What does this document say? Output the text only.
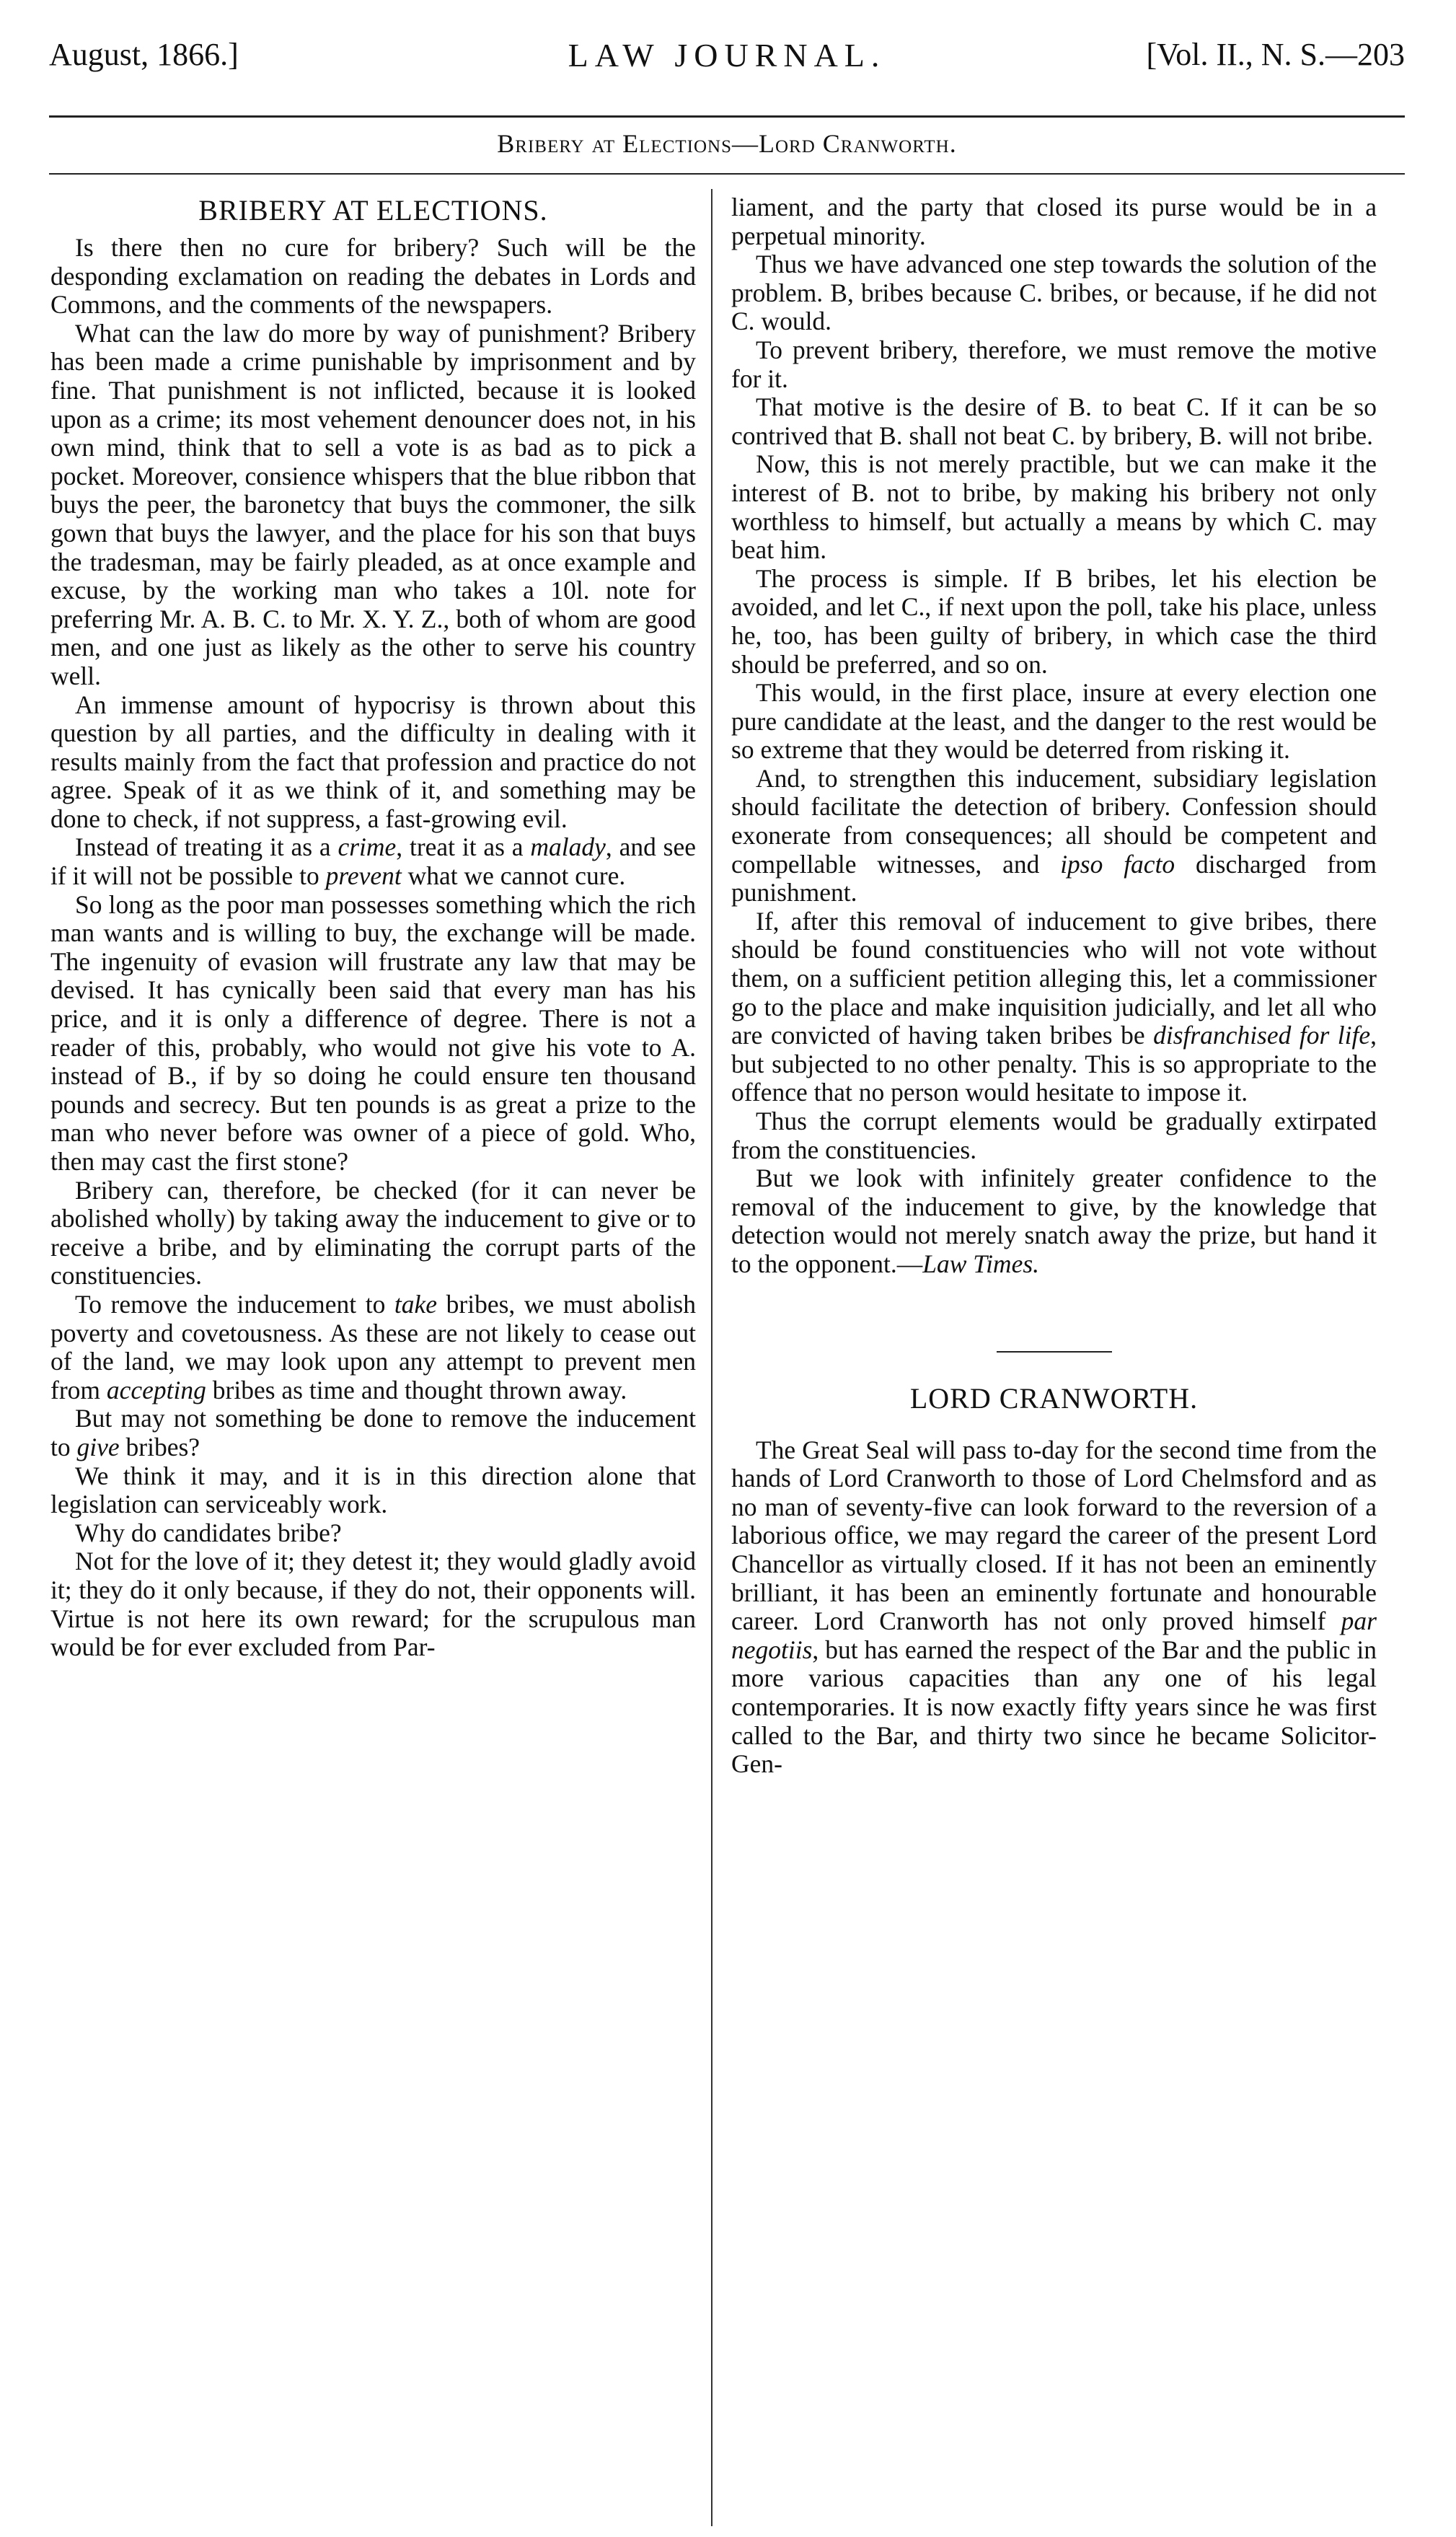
August, 1866.]	LAW JOURNAL.	[Vol. II., N. S.—203
Bribery at Elections—Lord Cranworth.
BRIBERY AT ELECTIONS.

Is there then no cure for bribery? Such will be the desponding exclamation on reading the debates in Lords and Commons, and the comments of the newspapers.

What can the law do more by way of punishment? Bribery has been made a crime punishable by imprisonment and by fine. That punishment is not inflicted, because it is looked upon as a crime; its most vehement denouncer does not, in his own mind, think that to sell a vote is as bad as to pick a pocket. Moreover, consience whispers that the blue ribbon that buys the peer, the baronetcy that buys the commoner, the silk gown that buys the lawyer, and the place for his son that buys the tradesman, may be fairly pleaded, as at once example and excuse, by the working man who takes a 10l. note for preferring Mr. A. B. C. to Mr. X. Y. Z., both of whom are good men, and one just as likely as the other to serve his country well.

An immense amount of hypocrisy is thrown about this question by all parties, and the difficulty in dealing with it results mainly from the fact that profession and practice do not agree. Speak of it as we think of it, and something may be done to check, if not suppress, a fast-growing evil.

Instead of treating it as a crime, treat it as a malady, and see if it will not be possible to prevent what we cannot cure.

So long as the poor man possesses something which the rich man wants and is willing to buy, the exchange will be made. The ingenuity of evasion will frustrate any law that may be devised. It has cynically been said that every man has his price, and it is only a difference of degree. There is not a reader of this, probably, who would not give his vote to A. instead of B., if by so doing he could ensure ten thousand pounds and secrecy. But ten pounds is as great a prize to the man who never before was owner of a piece of gold. Who, then may cast the first stone?

Bribery can, therefore, be checked (for it can never be abolished wholly) by taking away the inducement to give or to receive a bribe, and by eliminating the corrupt parts of the constituencies.

To remove the inducement to take bribes, we must abolish poverty and covetousness. As these are not likely to cease out of the land, we may look upon any attempt to prevent men from accepting bribes as time and thought thrown away.

But may not something be done to remove the inducement to give bribes?

We think it may, and it is in this direction alone that legislation can serviceably work.

Why do candidates bribe?

Not for the love of it; they detest it; they would gladly avoid it; they do it only because, if they do not, their opponents will. Virtue is not here its own reward; for the scrupulous man would be for ever excluded from Par-

liament, and the party that closed its purse would be in a perpetual minority.

Thus we have advanced one step towards the solution of the problem. B, bribes because C. bribes, or because, if he did not C. would.

To prevent bribery, therefore, we must remove the motive for it.

That motive is the desire of B. to beat C. If it can be so contrived that B. shall not beat C. by bribery, B. will not bribe.

Now, this is not merely practible, but we can make it the interest of B. not to bribe, by making his bribery not only worthless to himself, but actually a means by which C. may beat him.

The process is simple. If B bribes, let his election be avoided, and let C., if next upon the poll, take his place, unless he, too, has been guilty of bribery, in which case the third should be preferred, and so on.

This would, in the first place, insure at every election one pure candidate at the least, and the danger to the rest would be so extreme that they would be deterred from risking it.

And, to strengthen this inducement, subsidiary legislation should facilitate the detection of bribery. Confession should exonerate from consequences; all should be competent and compellable witnesses, and ipso facto discharged from punishment.

If, after this removal of inducement to give bribes, there should be found constituencies who will not vote without them, on a sufficient petition alleging this, let a commissioner go to the place and make inquisition judicially, and let all who are convicted of having taken bribes be disfranchised for life, but subjected to no other penalty. This is so appropriate to the offence that no person would hesitate to impose it.

Thus the corrupt elements would be gradually extirpated from the constituencies.

But we look with infinitely greater confidence to the removal of the inducement to give, by the knowledge that detection would not merely snatch away the prize, but hand it to the opponent.—Law Times.

LORD CRANWORTH.

The Great Seal will pass to-day for the second time from the hands of Lord Cranworth to those of Lord Chelmsford and as no man of seventy-five can look forward to the reversion of a laborious office, we may regard the career of the present Lord Chancellor as virtually closed. If it has not been an eminently brilliant, it has been an eminently fortunate and honourable career. Lord Cranworth has not only proved himself par negotiis, but has earned the respect of the Bar and the public in more various capacities than any one of his legal contemporaries. It is now exactly fifty years since he was first called to the Bar, and thirty two since he became Solicitor-Gen-
